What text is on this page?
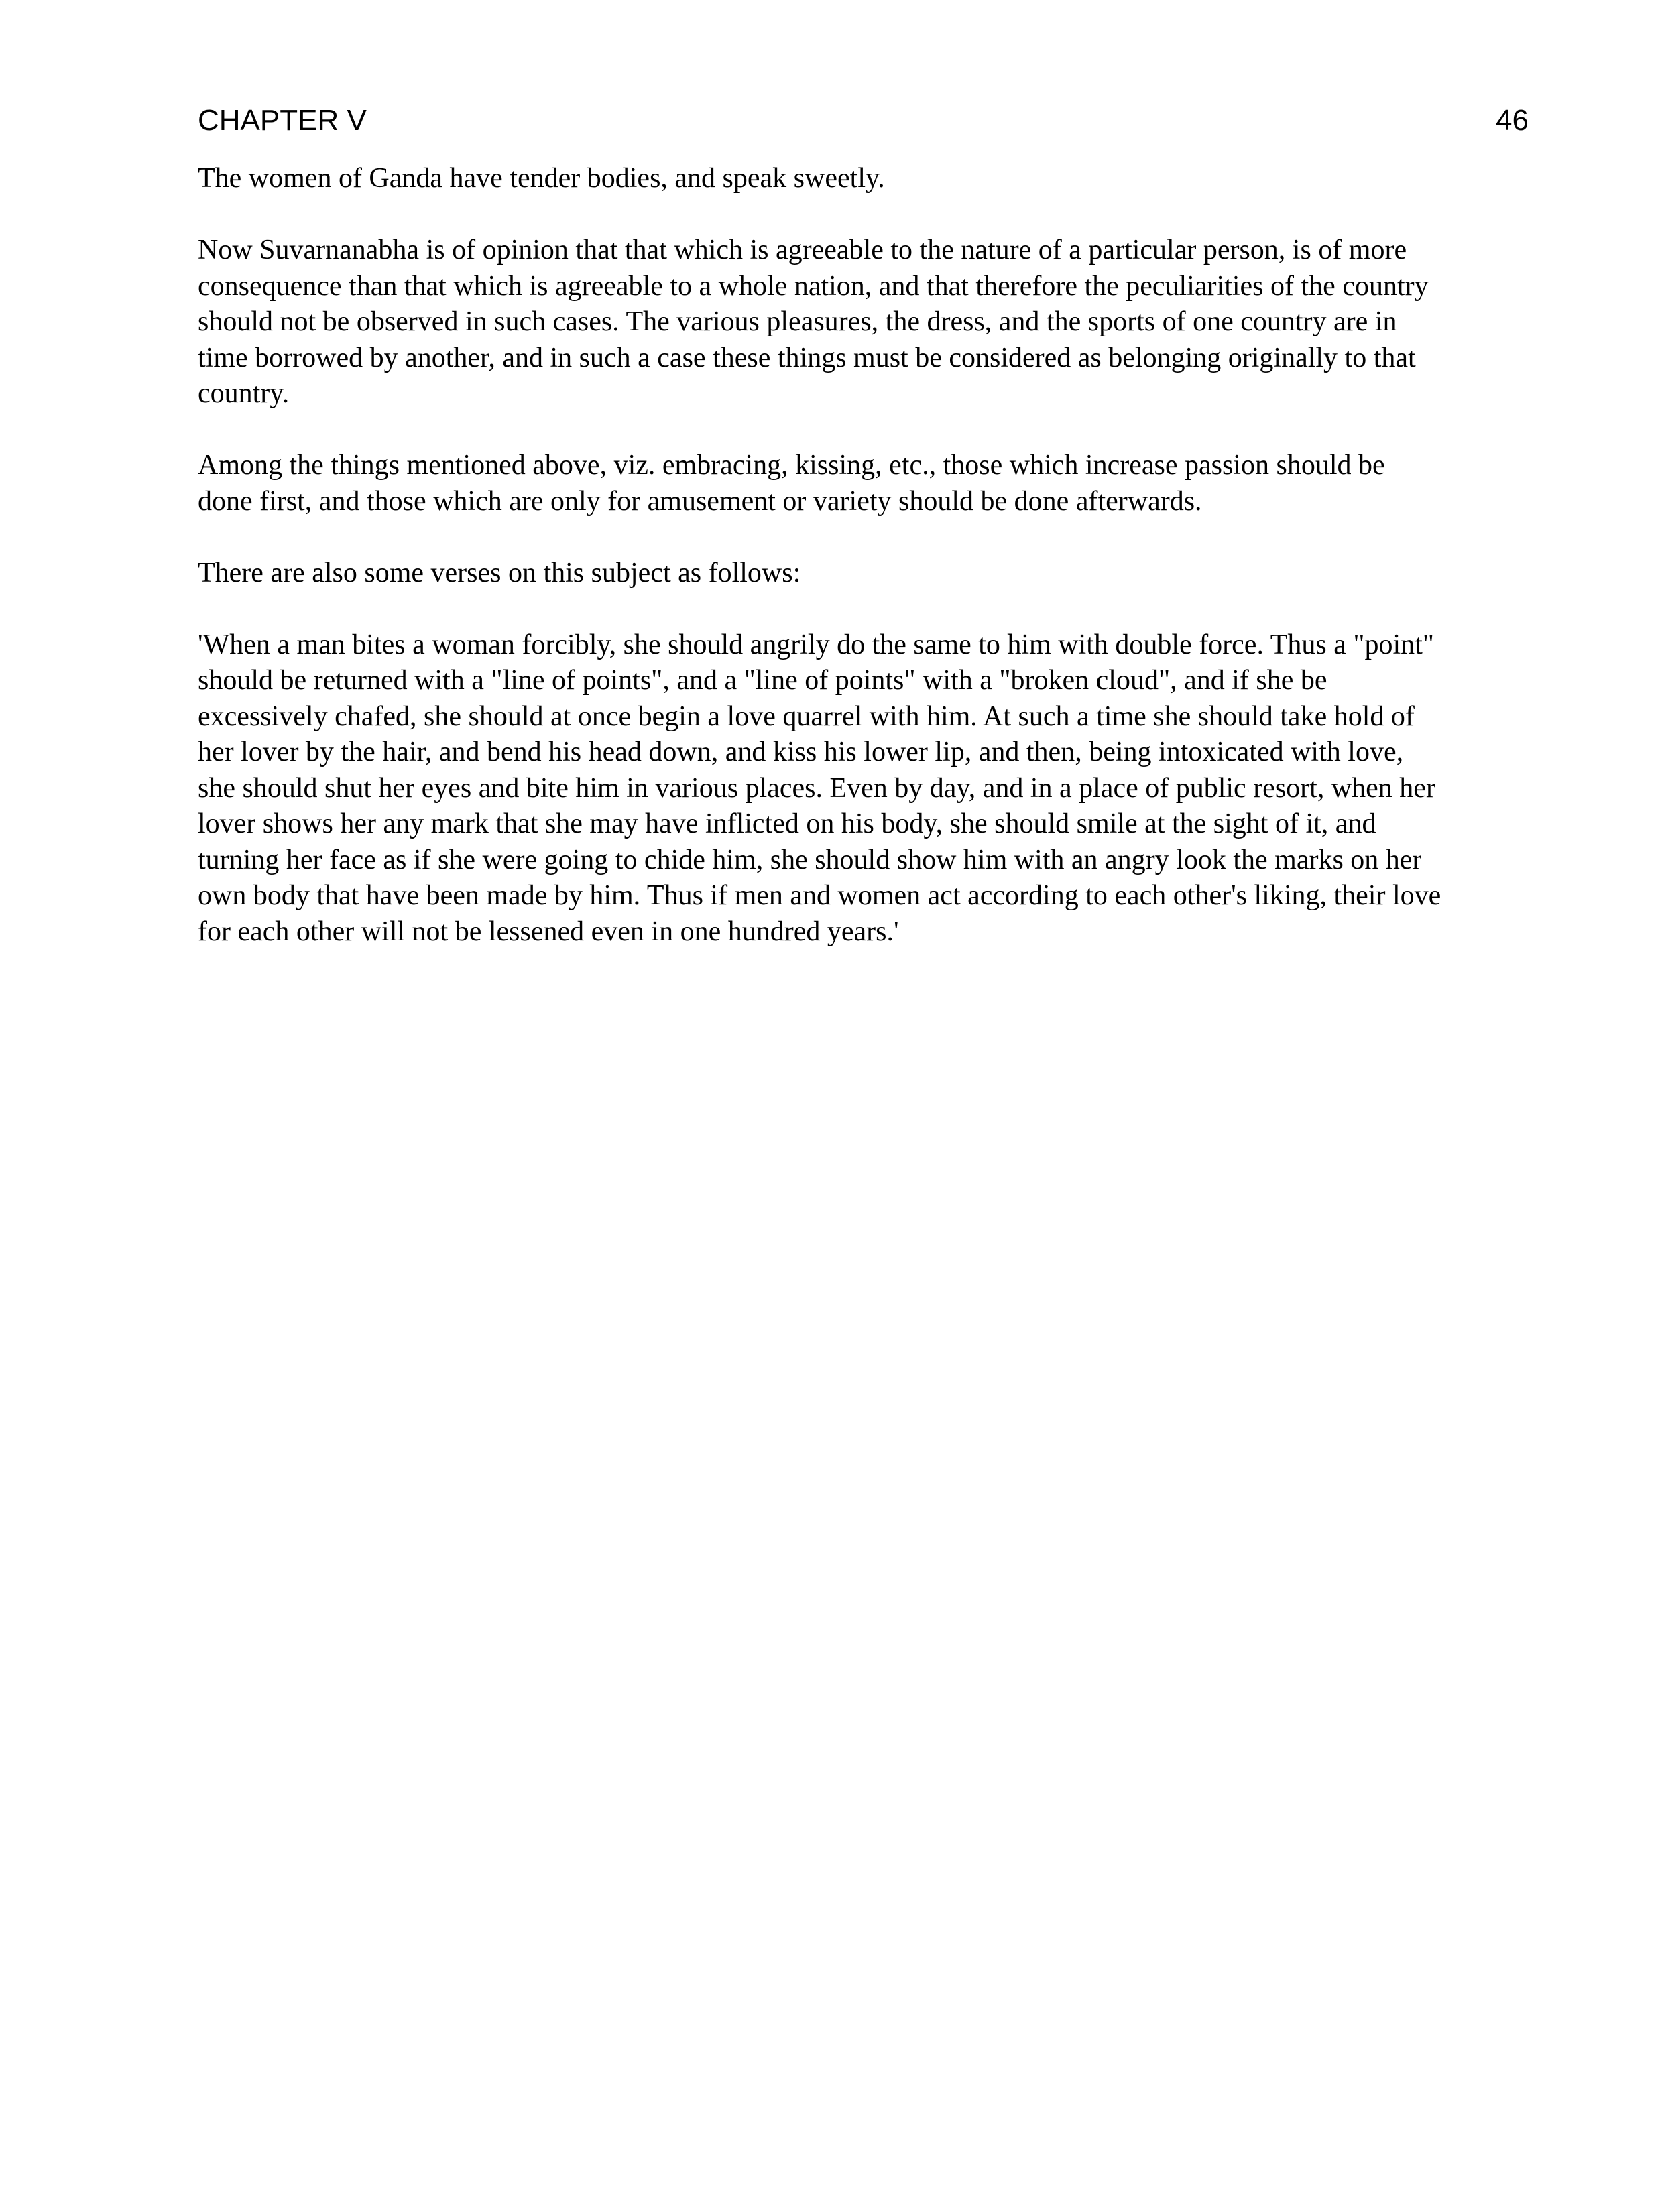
CHAPTER V	46

The women of Ganda have tender bodies, and speak sweetly.

Now Suvarnanabha is of opinion that that which is agreeable to the nature of a particular person, is of more
consequence than that which is agreeable to a whole nation, and that therefore the peculiarities of the country
should not be observed in such cases. The various pleasures, the dress, and the sports of one country are in
time borrowed by another, and in such a case these things must be considered as belonging originally to that
country.

Among the things mentioned above, viz. embracing, kissing, etc., those which increase passion should be
done first, and those which are only for amusement or variety should be done afterwards.

There are also some verses on this subject as follows:

'When a man bites a woman forcibly, she should angrily do the same to him with double force. Thus a "point"
should be returned with a "line of points", and a "line of points" with a "broken cloud", and if she be
excessively chafed, she should at once begin a love quarrel with him. At such a time she should take hold of
her lover by the hair, and bend his head down, and kiss his lower lip, and then, being intoxicated with love,
she should shut her eyes and bite him in various places. Even by day, and in a place of public resort, when her
lover shows her any mark that she may have inflicted on his body, she should smile at the sight of it, and
turning her face as if she were going to chide him, she should show him with an angry look the marks on her
own body that have been made by him. Thus if men and women act according to each other's liking, their love
for each other will not be lessened even in one hundred years.'
